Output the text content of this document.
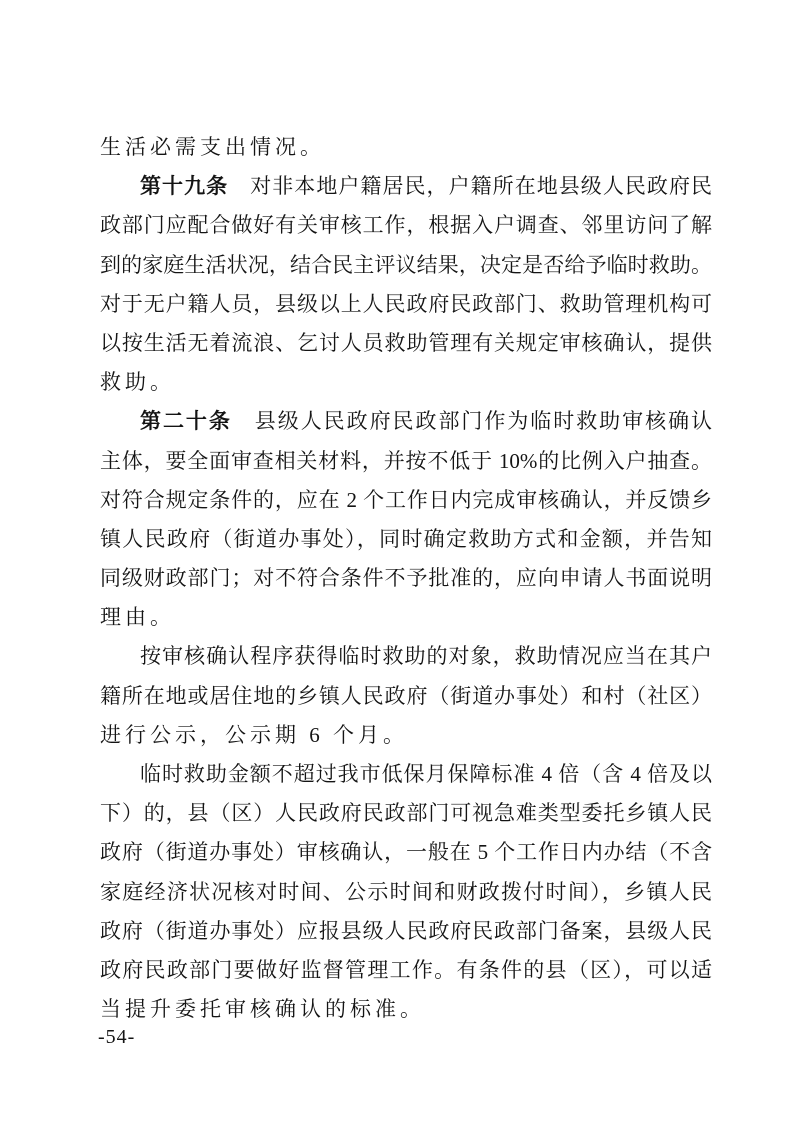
生活必需支出情况。
第十九条　对非本地户籍居民，户籍所在地县级人民政府民
政部门应配合做好有关审核工作，根据入户调查、邻里访问了解
到的家庭生活状况，结合民主评议结果，决定是否给予临时救助。
对于无户籍人员，县级以上人民政府民政部门、救助管理机构可
以按生活无着流浪、乞讨人员救助管理有关规定审核确认，提供
救助。
第二十条　县级人民政府民政部门作为临时救助审核确认
主体，要全面审查相关材料，并按不低于 10%的比例入户抽查。
对符合规定条件的，应在 2 个工作日内完成审核确认，并反馈乡
镇人民政府（街道办事处），同时确定救助方式和金额，并告知
同级财政部门；对不符合条件不予批准的，应向申请人书面说明
理由。
按审核确认程序获得临时救助的对象，救助情况应当在其户
籍所在地或居住地的乡镇人民政府（街道办事处）和村（社区）
进行公示，公示期 6 个月。
临时救助金额不超过我市低保月保障标准 4 倍（含 4 倍及以
下）的，县（区）人民政府民政部门可视急难类型委托乡镇人民
政府（街道办事处）审核确认，一般在 5 个工作日内办结（不含
家庭经济状况核对时间、公示时间和财政拨付时间），乡镇人民
政府（街道办事处）应报县级人民政府民政部门备案，县级人民
政府民政部门要做好监督管理工作。有条件的县（区），可以适
当提升委托审核确认的标准。
-54-
